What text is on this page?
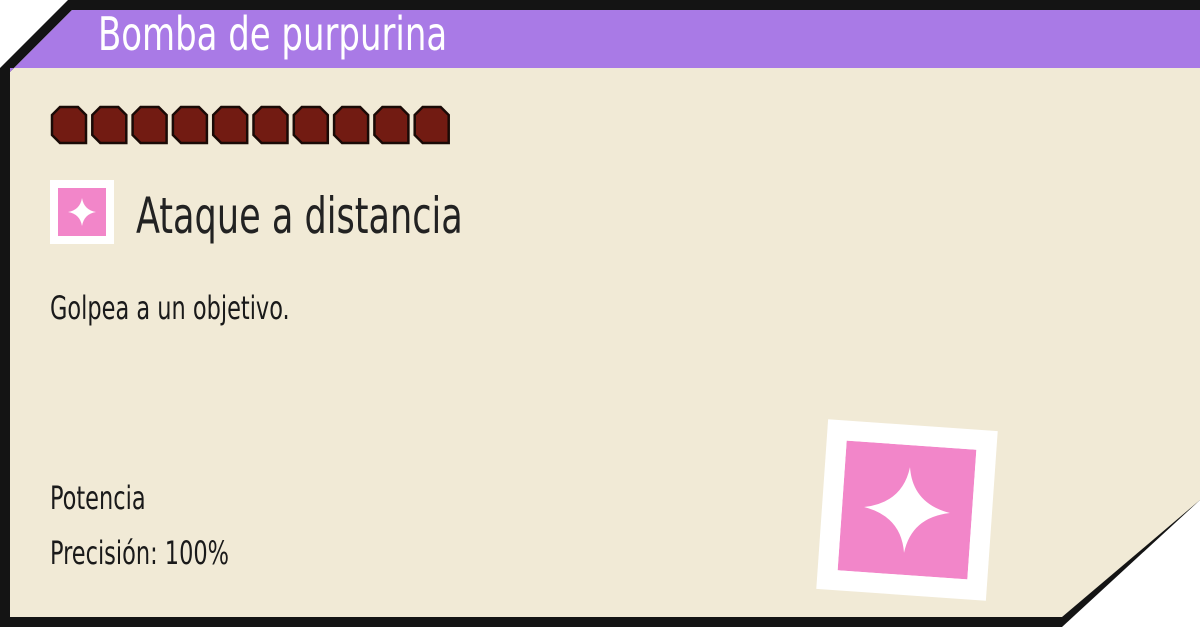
Bomba de purpurina
Ataque a distancia
Golpea a un objetivo.
Potencia
Precisión: 100%
